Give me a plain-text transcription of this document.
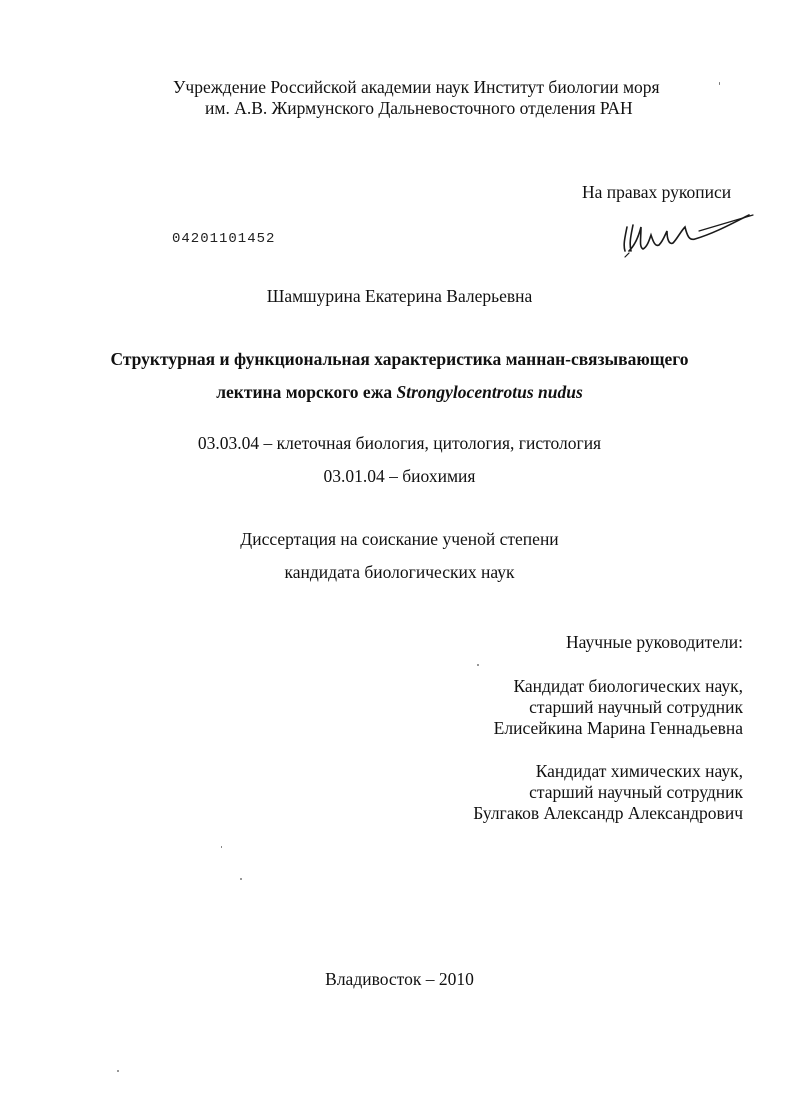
Учреждение Российской академии наук Институт биологии моря
им. А.В. Жирмунского Дальневосточного отделения РАН
На правах рукописи
04201101452
Шамшурина Екатерина Валерьевна
Структурная и функциональная характеристика маннан-связывающего
лектина морского ежа Strongylocentrotus nudus
03.03.04 – клеточная биология, цитология, гистология
03.01.04 – биохимия
Диссертация на соискание ученой степени
кандидата биологических наук
Научные руководители:
Кандидат биологических наук,
старший научный сотрудник
Елисейкина Марина Геннадьевна
Кандидат химических наук,
старший научный сотрудник
Булгаков Александр Александрович
Владивосток – 2010
